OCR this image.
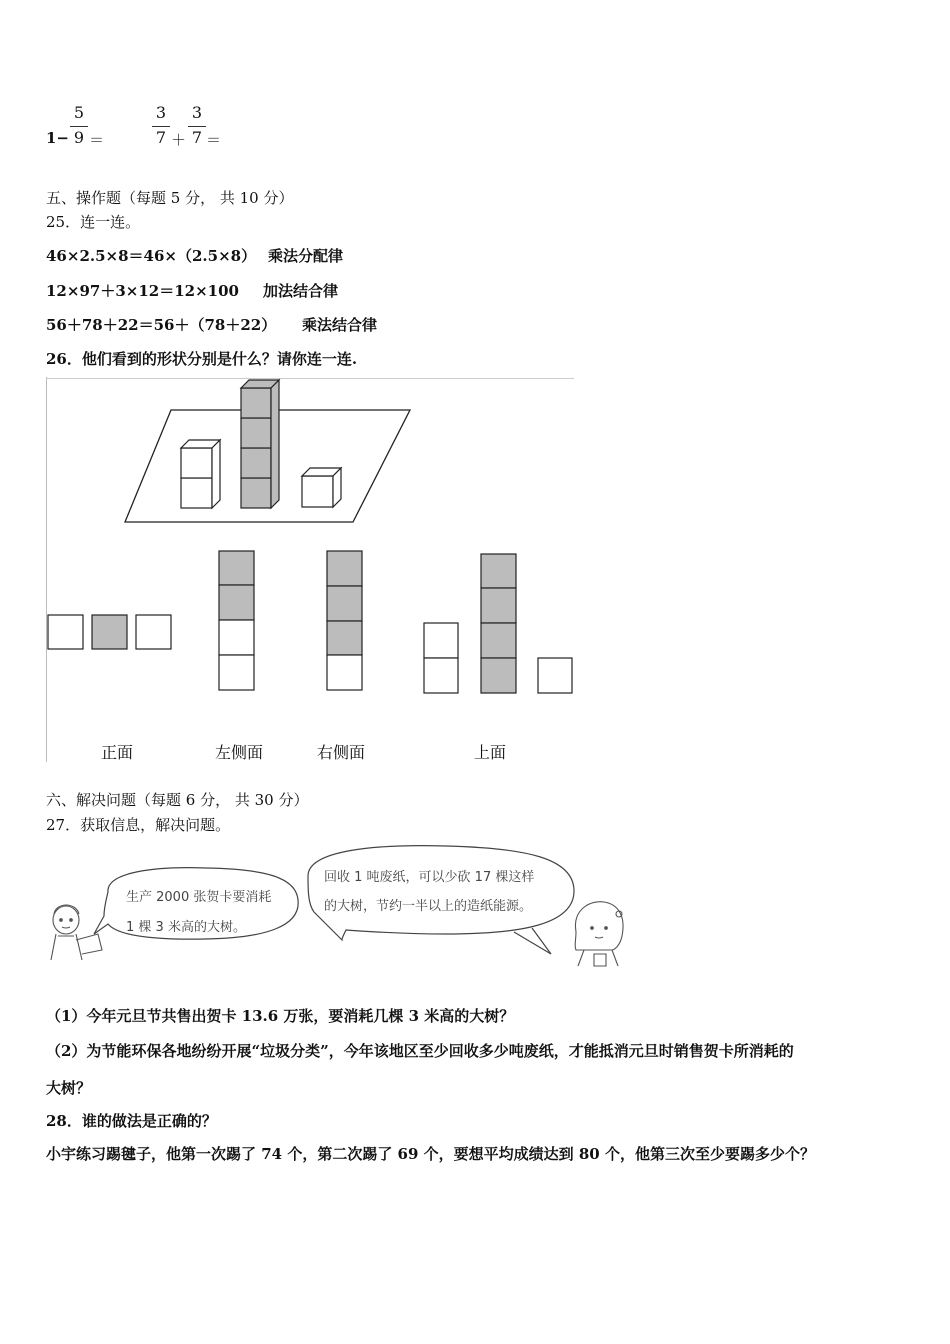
1−
5
9 ＝
3
7 ＋
3
7 ＝
五、操作题（每题 5 分， 共 10 分）
25．连一连。
46×2.5×8＝46×（2.5×8） 乘法分配律
12×97＋3×12＝12×100 加法结合律
56＋78＋22＝56＋（78＋22） 乘法结合律
26．他们看到的形状分别是什么？请你连一连.
正面	左侧面	右侧面	上面
六、解决问题（每题 6 分， 共 30 分）
27．获取信息，解决问题。
生产 2000 张贺卡要消耗
1 棵 3 米高的大树。
回收 1 吨废纸，可以少砍 17 棵这样
的大树，节约一半以上的造纸能源。
（1）今年元旦节共售出贺卡 13.6 万张，要消耗几棵 3 米高的大树？
（2）为节能环保各地纷纷开展“垃圾分类”，今年该地区至少回收多少吨废纸，才能抵消元旦时销售贺卡所消耗的
大树？
28．谁的做法是正确的？
小宇练习踢毽子，他第一次踢了 74 个，第二次踢了 69 个，要想平均成绩达到 80 个，他第三次至少要踢多少个？
